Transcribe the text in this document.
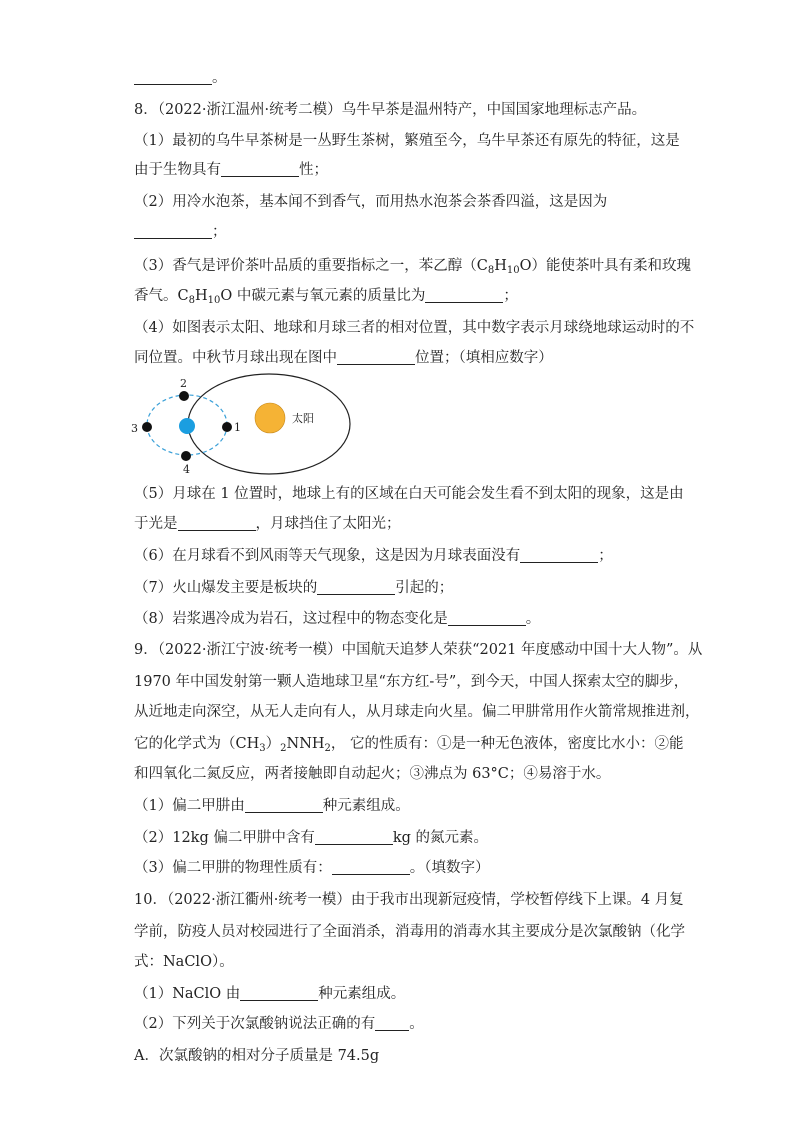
。
8．（2022·浙江温州·统考二模）乌牛早茶是温州特产，中国国家地理标志产品。
（1）最初的乌牛早茶树是一丛野生茶树，繁殖至今，乌牛早茶还有原先的特征，这是
由于生物具有	性；
（2）用冷水泡茶，基本闻不到香气，而用热水泡茶会茶香四溢，这是因为
；
（3）香气是评价茶叶品质的重要指标之一，苯乙醇$(C_8H_{10}O)$能使茶叶具有柔和玫瑰
香气。$C_8H_{10}O$ 中碳元素与氧元素的质量比为	；
（4）如图表示太阳、地球和月球三者的相对位置，其中数字表示月球绕地球运动时的不
同位置。中秋节月球出现在图中	位置；（填相应数字）
太阳
1
2
3
4
（5）月球在 1 位置时，地球上有的区域在白天可能会发生看不到太阳的现象，这是由
于光是	，月球挡住了太阳光；
（6）在月球看不到风雨等天气现象，这是因为月球表面没有	；
（7）火山爆发主要是板块的	引起的；
（8）岩浆遇冷成为岩石，这过程中的物态变化是	。
9．（2022·浙江宁波·统考一模）中国航天追梦人荣获“2021 年度感动中国十大人物”。从
1970 年中国发射第一颗人造地球卫星“东方红-号”，到今天，中国人探索太空的脚步，
从近地走向深空，从无人走向有人，从月球走向火星。偏二甲肼常用作火箭常规推进剂，
它的化学式为$(CH_3)_2NNH_2$， 它的性质有：①是一种无色液体，密度比水小：②能
和四氧化二氮反应，两者接触即自动起火；③沸点为 63°C；④易溶于水。
（1）偏二甲肼由	种元素组成。
（2）12kg 偏二甲肼中含有	kg 的氮元素。
（3）偏二甲肼的物理性质有：	。（填数字）
10．（2022·浙江衢州·统考一模）由于我市出现新冠疫情，学校暂停线下上课。4 月复
学前，防疫人员对校园进行了全面消杀，消毒用的消毒水其主要成分是次氯酸钠（化学
式：NaClO）。
（1）NaClO 由	种元素组成。
（2）下列关于次氯酸钠说法正确的有 。
A．次氯酸钠的相对分子质量是 74.5g
